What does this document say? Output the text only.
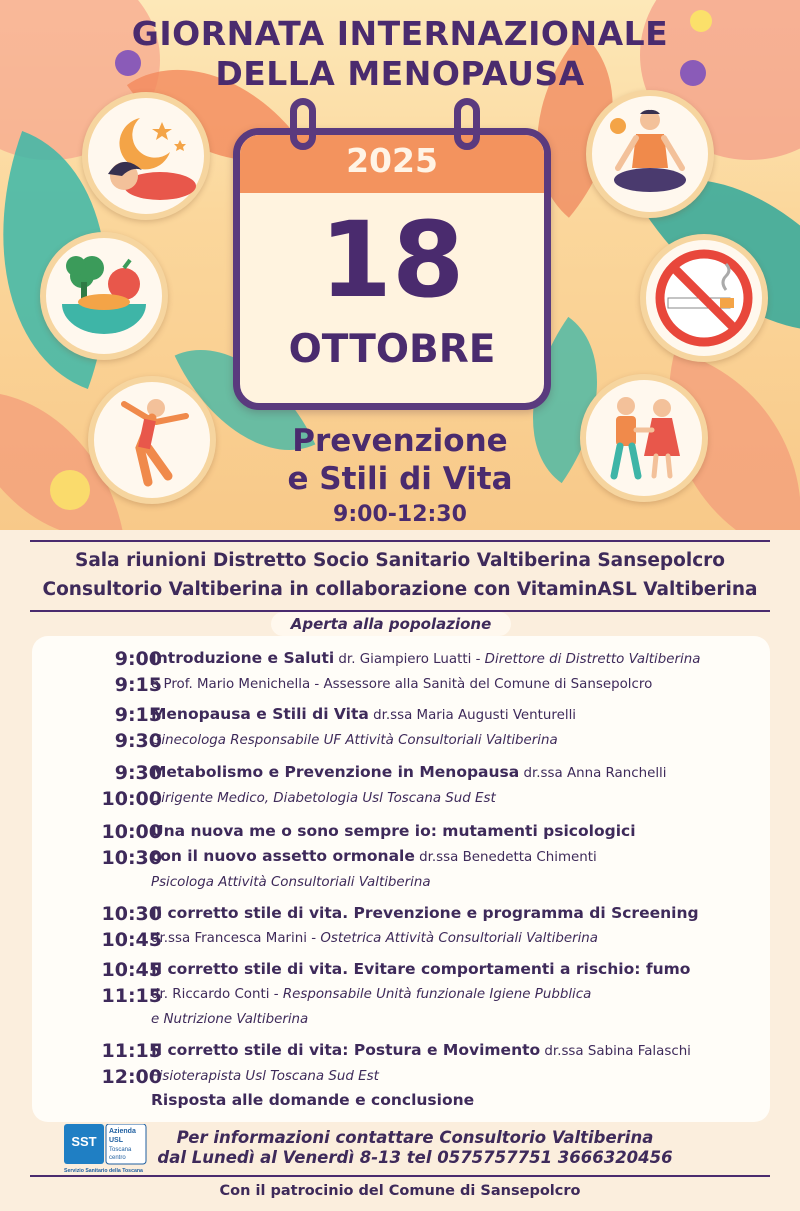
GIORNATA INTERNAZIONALE
DELLA MENOPAUSA
2025
18
OTTOBRE
Prevenzione
e Stili di Vita
9:00-12:30
Sala riunioni Distretto Socio Sanitario Valtiberina Sansepolcro
Consultorio Valtiberina in collaborazione con VitaminASL Valtiberina
9:00
9:15
Introduzione e Saluti dr. Giampiero Luatti - Direttore di Distretto Valtiberina
e Prof. Mario Menichella - Assessore alla Sanità del Comune di Sansepolcro
9:15
9:30
Menopausa e Stili di Vita dr.ssa Maria Augusti Venturelli
Ginecologa Responsabile UF Attività Consultoriali Valtiberina
9:30
10:00
Metabolismo e Prevenzione in Menopausa dr.ssa Anna Ranchelli
Dirigente Medico, Diabetologia Usl Toscana Sud Est
10:00
10:30
Una nuova me o sono sempre io: mutamenti psicologici
con il nuovo assetto ormonale dr.ssa Benedetta Chimenti
Psicologa Attività Consultoriali Valtiberina
10:30
10:45
Il corretto stile di vita. Prevenzione e programma di Screening
dr.ssa Francesca Marini - Ostetrica Attività Consultoriali Valtiberina
10:45
11:15
Il corretto stile di vita. Evitare comportamenti a rischio: fumo
dr. Riccardo Conti - Responsabile Unità funzionale Igiene Pubblica
e Nutrizione Valtiberina
11:15
12:00
Il corretto stile di vita: Postura e Movimento dr.ssa Sabina Falaschi
Fisioterapista Usl Toscana Sud Est
Risposta alle domande e conclusione
Aperta alla popolazione
SST
Azienda
USL
Toscana
centro
Servizio Sanitario della Toscana
Per informazioni contattare Consultorio Valtiberina
dal Lunedì al Venerdì 8-13 tel 0575757751 3666320456
Con il patrocinio del Comune di Sansepolcro
